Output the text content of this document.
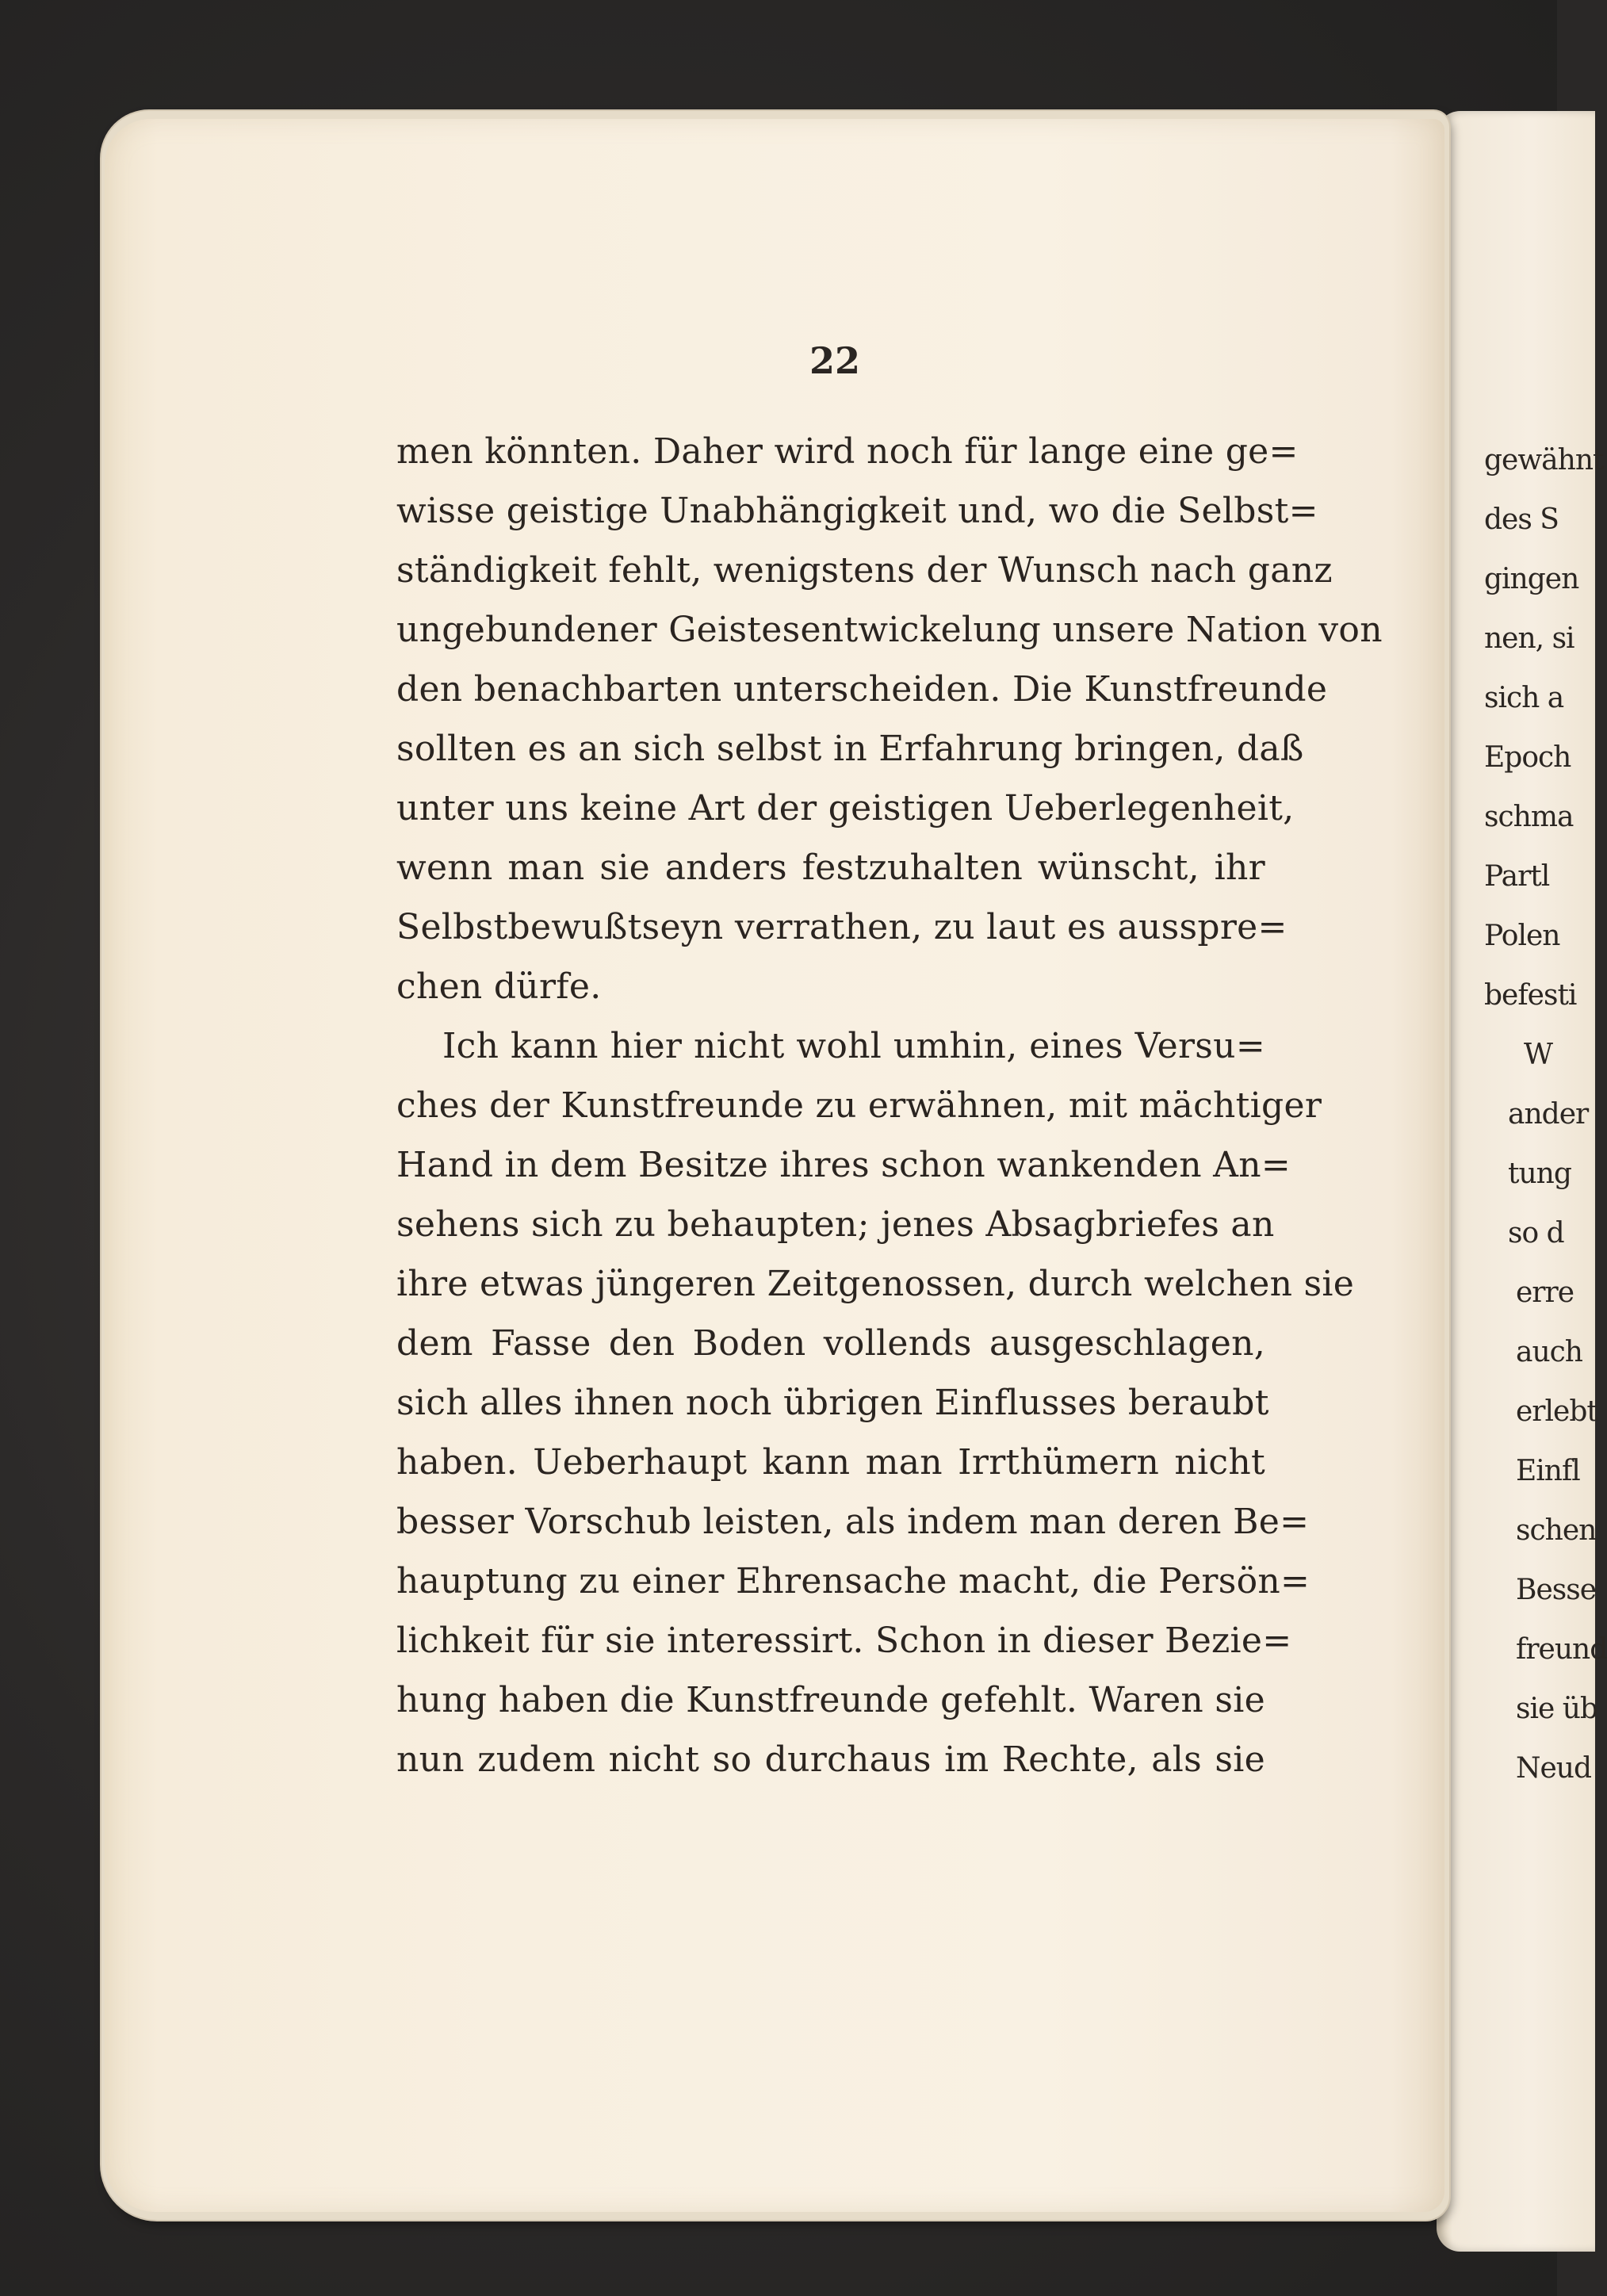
gewähnt
des S
gingen
nen, si
sich a
Epoch
schma
Partl
Polen
befesti
W
ander
tung
so d
erre
auch
erlebt
Einfl
schen
Besse
freund
sie üb
Neud
22
men könnten. Daher wird noch für lange eine ge=
wisse geistige Unabhängigkeit und, wo die Selbst=
ständigkeit fehlt, wenigstens der Wunsch nach ganz
ungebundener Geistesentwickelung unsere Nation von
den benachbarten unterscheiden. Die Kunstfreunde
sollten es an sich selbst in Erfahrung bringen, daß
unter uns keine Art der geistigen Ueberlegenheit,
wenn man sie anders festzuhalten wünscht, ihr
Selbstbewußtseyn verrathen, zu laut es ausspre=
chen dürfe.
Ich kann hier nicht wohl umhin, eines Versu=
ches der Kunstfreunde zu erwähnen, mit mächtiger
Hand in dem Besitze ihres schon wankenden An=
sehens sich zu behaupten; jenes Absagbriefes an
ihre etwas jüngeren Zeitgenossen, durch welchen sie
dem Fasse den Boden vollends ausgeschlagen,
sich alles ihnen noch übrigen Einflusses beraubt
haben. Ueberhaupt kann man Irrthümern nicht
besser Vorschub leisten, als indem man deren Be=
hauptung zu einer Ehrensache macht, die Persön=
lichkeit für sie interessirt. Schon in dieser Bezie=
hung haben die Kunstfreunde gefehlt. Waren sie
nun zudem nicht so durchaus im Rechte, als sie
